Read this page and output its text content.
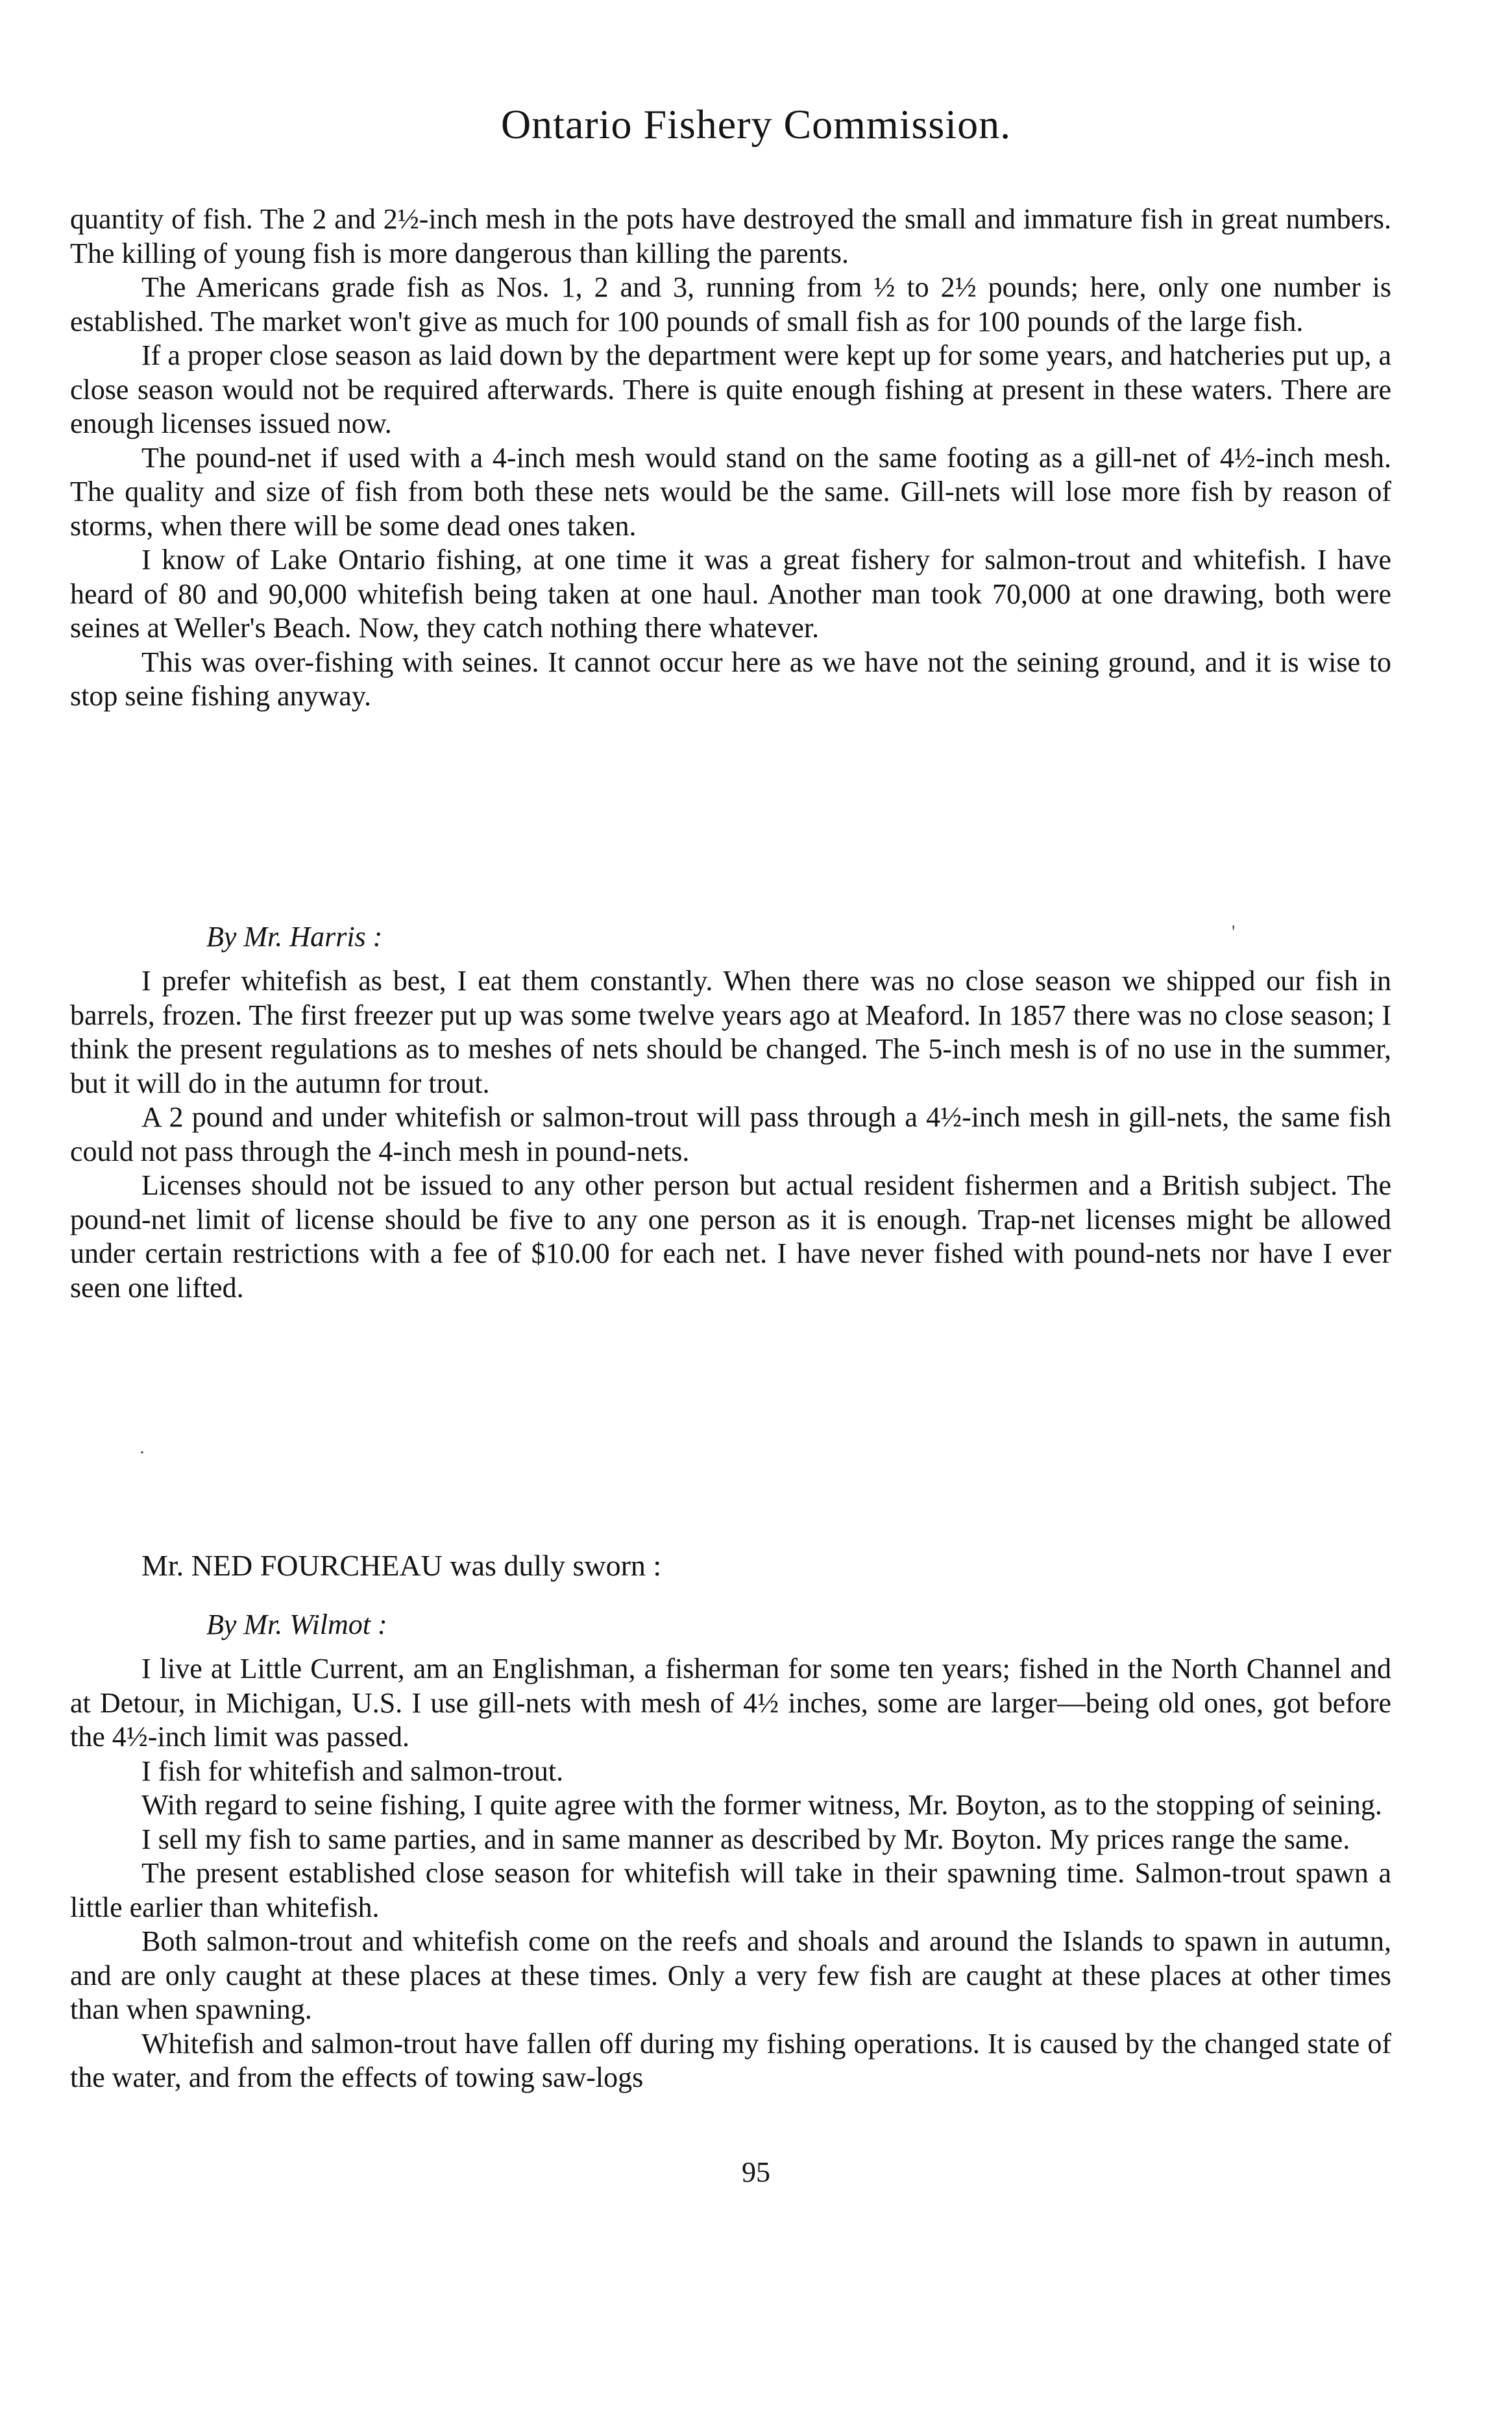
Ontario Fishery Commission.

quantity of fish. The 2 and 2½-inch mesh in the pots have destroyed the small and immature fish in great numbers. The killing of young fish is more dangerous than killing the parents.

The Americans grade fish as Nos. 1, 2 and 3, running from ½ to 2½ pounds; here, only one number is established. The market won't give as much for 100 pounds of small fish as for 100 pounds of the large fish.

If a proper close season as laid down by the department were kept up for some years, and hatcheries put up, a close season would not be required afterwards. There is quite enough fishing at present in these waters. There are enough licenses issued now.

The pound-net if used with a 4-inch mesh would stand on the same footing as a gill-net of 4½-inch mesh. The quality and size of fish from both these nets would be the same. Gill-nets will lose more fish by reason of storms, when there will be some dead ones taken.

I know of Lake Ontario fishing, at one time it was a great fishery for salmon-trout and whitefish. I have heard of 80 and 90,000 whitefish being taken at one haul. Another man took 70,000 at one drawing, both were seines at Weller's Beach. Now, they catch nothing there whatever.

This was over-fishing with seines. It cannot occur here as we have not the seining ground, and it is wise to stop seine fishing anyway.

By Mr. Harris :	'

I prefer whitefish as best, I eat them constantly. When there was no close season we shipped our fish in barrels, frozen. The first freezer put up was some twelve years ago at Meaford. In 1857 there was no close season; I think the present regulations as to meshes of nets should be changed. The 5-inch mesh is of no use in the summer, but it will do in the autumn for trout.

A 2 pound and under whitefish or salmon-trout will pass through a 4½-inch mesh in gill-nets, the same fish could not pass through the 4-inch mesh in pound-nets.

Licenses should not be issued to any other person but actual resident fishermen and a British subject. The pound-net limit of license should be five to any one person as it is enough. Trap-net licenses might be allowed under certain restrictions with a fee of $10.00 for each net. I have never fished with pound-nets nor have I ever seen one lifted.

·
Mr. NED FOURCHEAU was dully sworn :
By Mr. Wilmot :

I live at Little Current, am an Englishman, a fisherman for some ten years; fished in the North Channel and at Detour, in Michigan, U.S. I use gill-nets with mesh of 4½ inches, some are larger—being old ones, got before the 4½-inch limit was passed.

I fish for whitefish and salmon-trout.

With regard to seine fishing, I quite agree with the former witness, Mr. Boyton, as to the stopping of seining.

I sell my fish to same parties, and in same manner as described by Mr. Boyton. My prices range the same.

The present established close season for whitefish will take in their spawning time. Salmon-trout spawn a little earlier than whitefish.

Both salmon-trout and whitefish come on the reefs and shoals and around the Islands to spawn in autumn, and are only caught at these places at these times. Only a very few fish are caught at these places at other times than when spawning.

Whitefish and salmon-trout have fallen off during my fishing operations. It is caused by the changed state of the water, and from the effects of towing saw-logs

95
